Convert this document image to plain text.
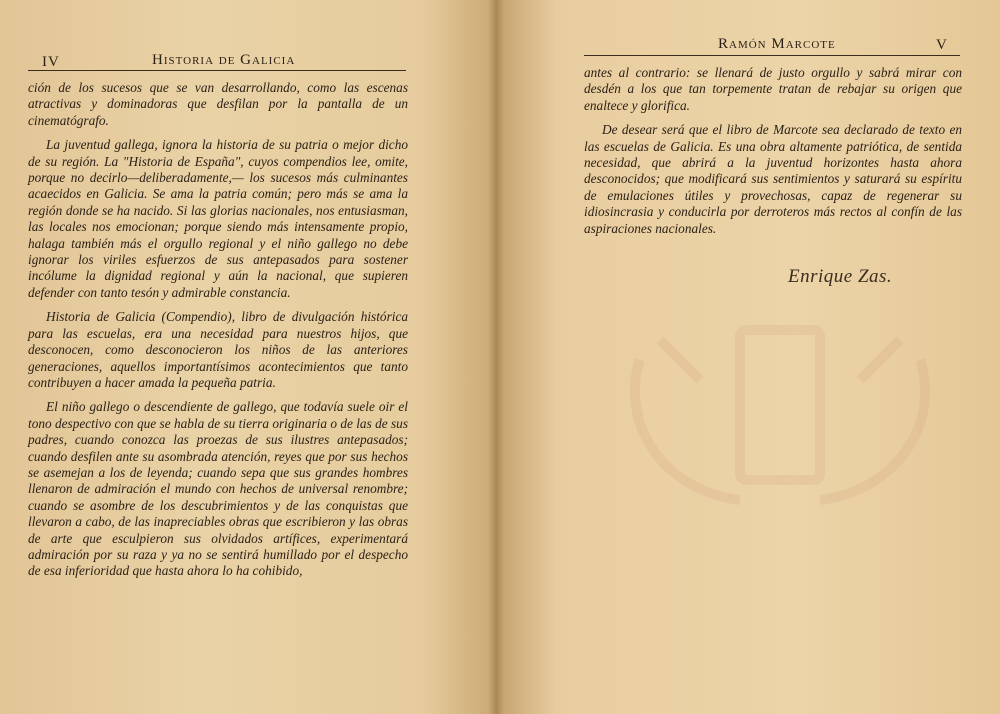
IV	Historia de Galicia

ción de los sucesos que se van desarrollando, como las escenas atractivas y dominadoras que desfilan por la pantalla de un cinematógrafo.

La juventud gallega, ignora la historia de su patria o mejor dicho de su región. La "Historia de España", cuyos compendios lee, omite, porque no decirlo—deliberadamente,— los sucesos más culminantes acaecidos en Galicia. Se ama la patria común; pero más se ama la región donde se ha nacido. Si las glorias nacionales, nos entusiasman, las locales nos emocionan; porque siendo más intensamente propio, halaga también más el orgullo regional y el niño gallego no debe ignorar los viriles esfuerzos de sus antepasados para sostener incólume la dignidad regional y aún la nacional, que supieren defender con tanto tesón y admirable constancia.

Historia de Galicia (Compendio), libro de divulgación histórica para las escuelas, era una necesidad para nuestros hijos, que desconocen, como desconocieron los niños de las anteriores generaciones, aquellos importantísimos acontecimientos que tanto contribuyen a hacer amada la pequeña patria.

El niño gallego o descendiente de gallego, que todavía suele oir el tono despectivo con que se habla de su tierra originaria o de las de sus padres, cuando conozca las proezas de sus ilustres antepasados; cuando desfilen ante su asombrada atención, reyes que por sus hechos se asemejan a los de leyenda; cuando sepa que sus grandes hombres llenaron de admiración el mundo con hechos de universal renombre; cuando se asombre de los descubrimientos y de las conquistas que llevaron a cabo, de las inapreciables obras que escribieron y las obras de arte que esculpieron sus olvidados artífices, experimentará admiración por su raza y ya no se sentirá humillado por el despecho de esa inferioridad que hasta ahora lo ha cohibido,

Ramón Marcote	V

antes al contrario: se llenará de justo orgullo y sabrá mirar con desdén a los que tan torpemente tratan de rebajar su origen que enaltece y glorifica.

De desear será que el libro de Marcote sea declarado de texto en las escuelas de Galicia. Es una obra altamente patriótica, de sentida necesidad, que abrirá a la juventud horizontes hasta ahora desconocidos; que modificará sus sentimientos y saturará su espíritu de emulaciones útiles y provechosas, capaz de regenerar su idiosincrasia y conducirla por derroteros más rectos al confín de las aspiraciones nacionales.

Enrique Zas.
